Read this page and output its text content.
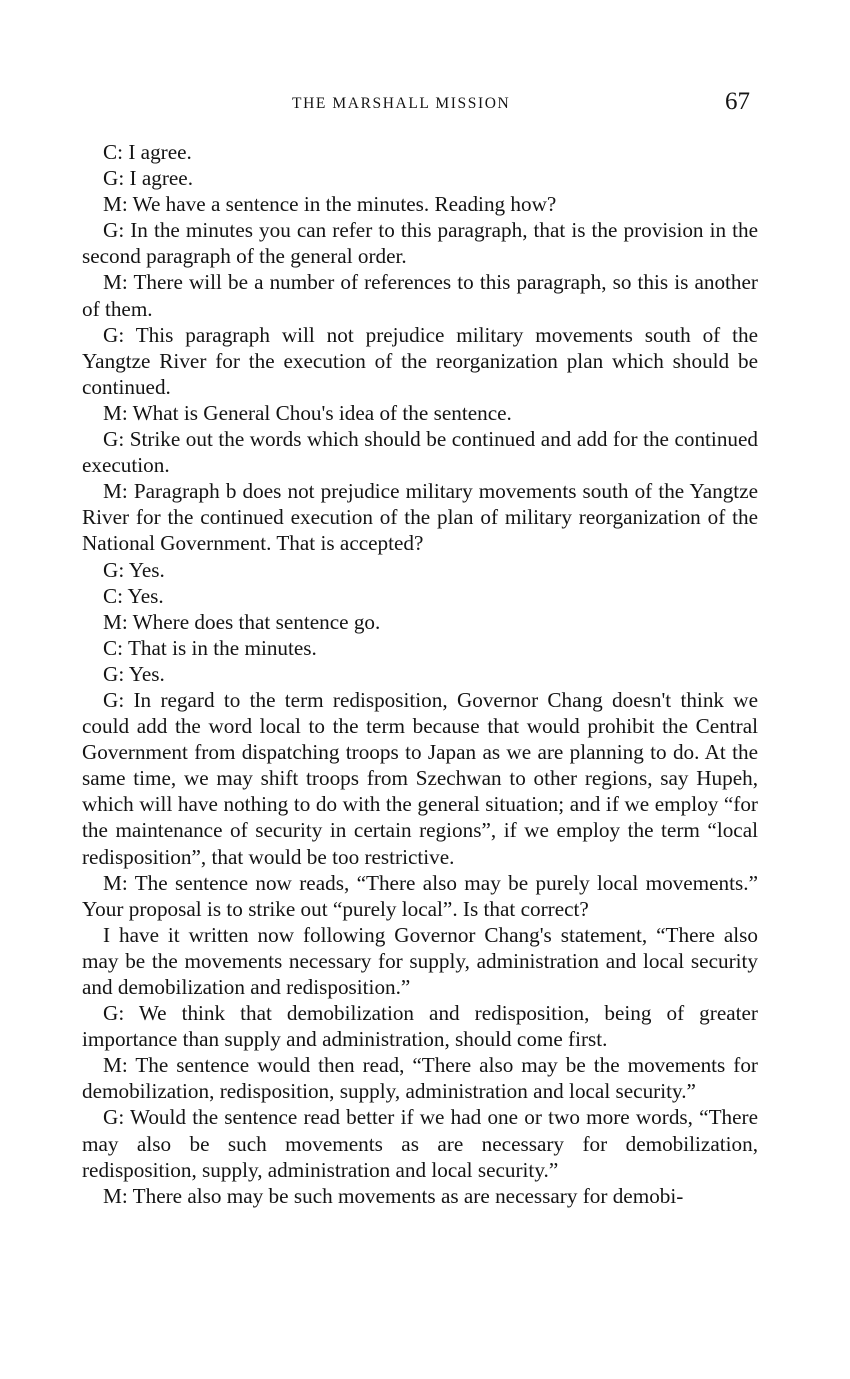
THE MARSHALL MISSION	67

C: I agree.

G: I agree.

M: We have a sentence in the minutes. Reading how?

G: In the minutes you can refer to this paragraph, that is the provision in the second paragraph of the general order.

M: There will be a number of references to this paragraph, so this is another of them.

G: This paragraph will not prejudice military movements south of the Yangtze River for the execution of the reorganization plan which should be continued.

M: What is General Chou's idea of the sentence.

G: Strike out the words which should be continued and add for the continued execution.

M: Paragraph b does not prejudice military movements south of the Yangtze River for the continued execution of the plan of military reorganization of the National Government. That is accepted?

G: Yes.

C: Yes.

M: Where does that sentence go.

C: That is in the minutes.

G: Yes.

G: In regard to the term redisposition, Governor Chang doesn't think we could add the word local to the term because that would prohibit the Central Government from dispatching troops to Japan as we are planning to do. At the same time, we may shift troops from Szechwan to other regions, say Hupeh, which will have nothing to do with the general situation; and if we employ “for the maintenance of security in certain regions”, if we employ the term “local redisposition”, that would be too restrictive.

M: The sentence now reads, “There also may be purely local movements.” Your proposal is to strike out “purely local”. Is that correct?

I have it written now following Governor Chang's statement, “There also may be the movements necessary for supply, administration and local security and demobilization and redisposition.”

G: We think that demobilization and redisposition, being of greater importance than supply and administration, should come first.

M: The sentence would then read, “There also may be the movements for demobilization, redisposition, supply, administration and local security.”

G: Would the sentence read better if we had one or two more words, “There may also be such movements as are necessary for demobilization, redisposition, supply, administration and local security.”

M: There also may be such movements as are necessary for demobi-
